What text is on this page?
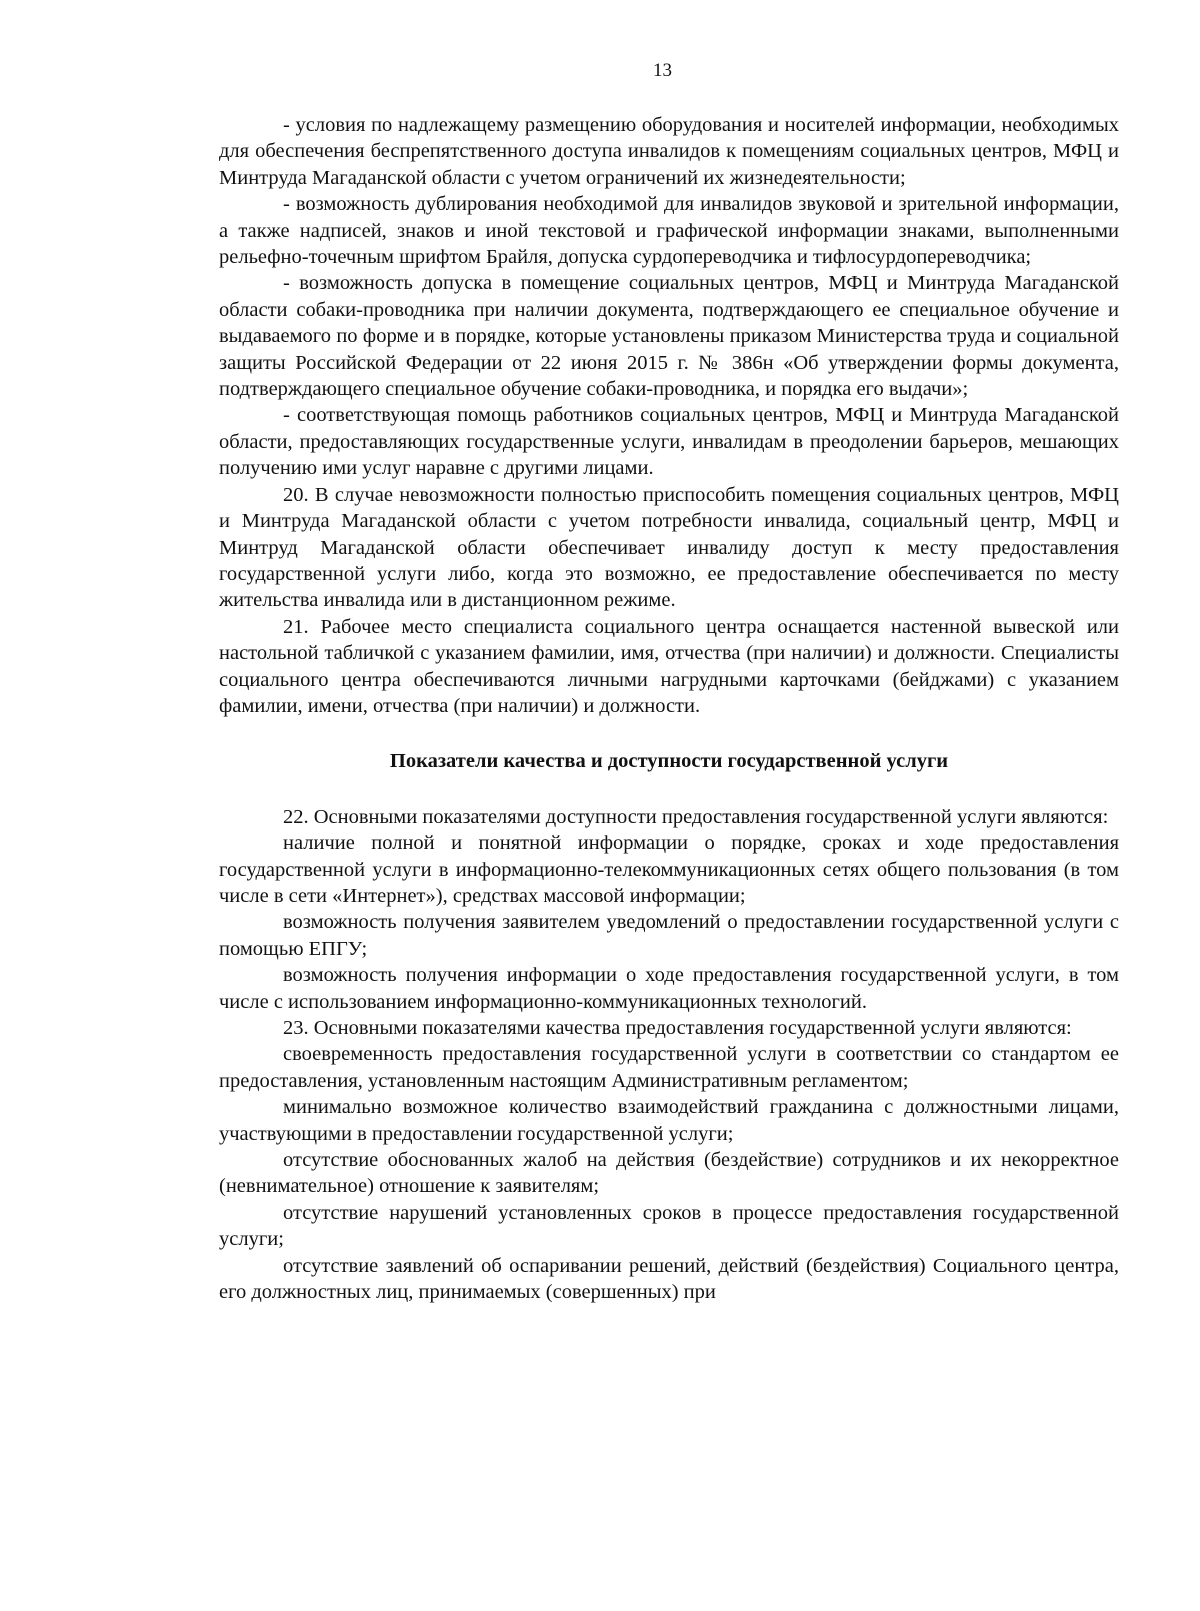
13

- условия по надлежащему размещению оборудования и носителей информации, необходимых для обеспечения беспрепятственного доступа инвалидов к помещениям социальных центров, МФЦ и Минтруда Магаданской области с учетом ограничений их жизнедеятельности;

- возможность дублирования необходимой для инвалидов звуковой и зрительной информации, а также надписей, знаков и иной текстовой и графической информации знаками, выполненными рельефно-точечным шрифтом Брайля, допуска сурдопереводчика и тифлосурдопереводчика;

- возможность допуска в помещение социальных центров, МФЦ и Минтруда Магаданской области собаки-проводника при наличии документа, подтверждающего ее специальное обучение и выдаваемого по форме и в порядке, которые установлены приказом Министерства труда и социальной защиты Российской Федерации от 22 июня 2015 г. № 386н «Об утверждении формы документа, подтверждающего специальное обучение собаки-проводника, и порядка его выдачи»;

- соответствующая помощь работников социальных центров, МФЦ и Минтруда Магаданской области, предоставляющих государственные услуги, инвалидам в преодолении барьеров, мешающих получению ими услуг наравне с другими лицами.

20. В случае невозможности полностью приспособить помещения социальных центров, МФЦ и Минтруда Магаданской области с учетом потребности инвалида, социальный центр, МФЦ и Минтруд Магаданской области обеспечивает инвалиду доступ к месту предоставления государственной услуги либо, когда это возможно, ее предоставление обеспечивается по месту жительства инвалида или в дистанционном режиме.

21. Рабочее место специалиста социального центра оснащается настенной вывеской или настольной табличкой с указанием фамилии, имя, отчества (при наличии) и должности. Специалисты социального центра обеспечиваются личными нагрудными карточками (бейджами) с указанием фамилии, имени, отчества (при наличии) и должности.

Показатели качества и доступности государственной услуги

22. Основными показателями доступности предоставления государственной услуги являются:

наличие полной и понятной информации о порядке, сроках и ходе предоставления государственной услуги в информационно-телекоммуникационных сетях общего пользования (в том числе в сети «Интернет»), средствах массовой информации;

возможность получения заявителем уведомлений о предоставлении государственной услуги с помощью ЕПГУ;

возможность получения информации о ходе предоставления государственной услуги, в том числе с использованием информационно-коммуникационных технологий.

23. Основными показателями качества предоставления государственной услуги являются:

своевременность предоставления государственной услуги в соответствии со стандартом ее предоставления, установленным настоящим Административным регламентом;

минимально возможное количество взаимодействий гражданина с должностными лицами, участвующими в предоставлении государственной услуги;

отсутствие обоснованных жалоб на действия (бездействие) сотрудников и их некорректное (невнимательное) отношение к заявителям;

отсутствие нарушений установленных сроков в процессе предоставления государственной услуги;

отсутствие заявлений об оспаривании решений, действий (бездействия) Социального центра, его должностных лиц, принимаемых (совершенных) при
